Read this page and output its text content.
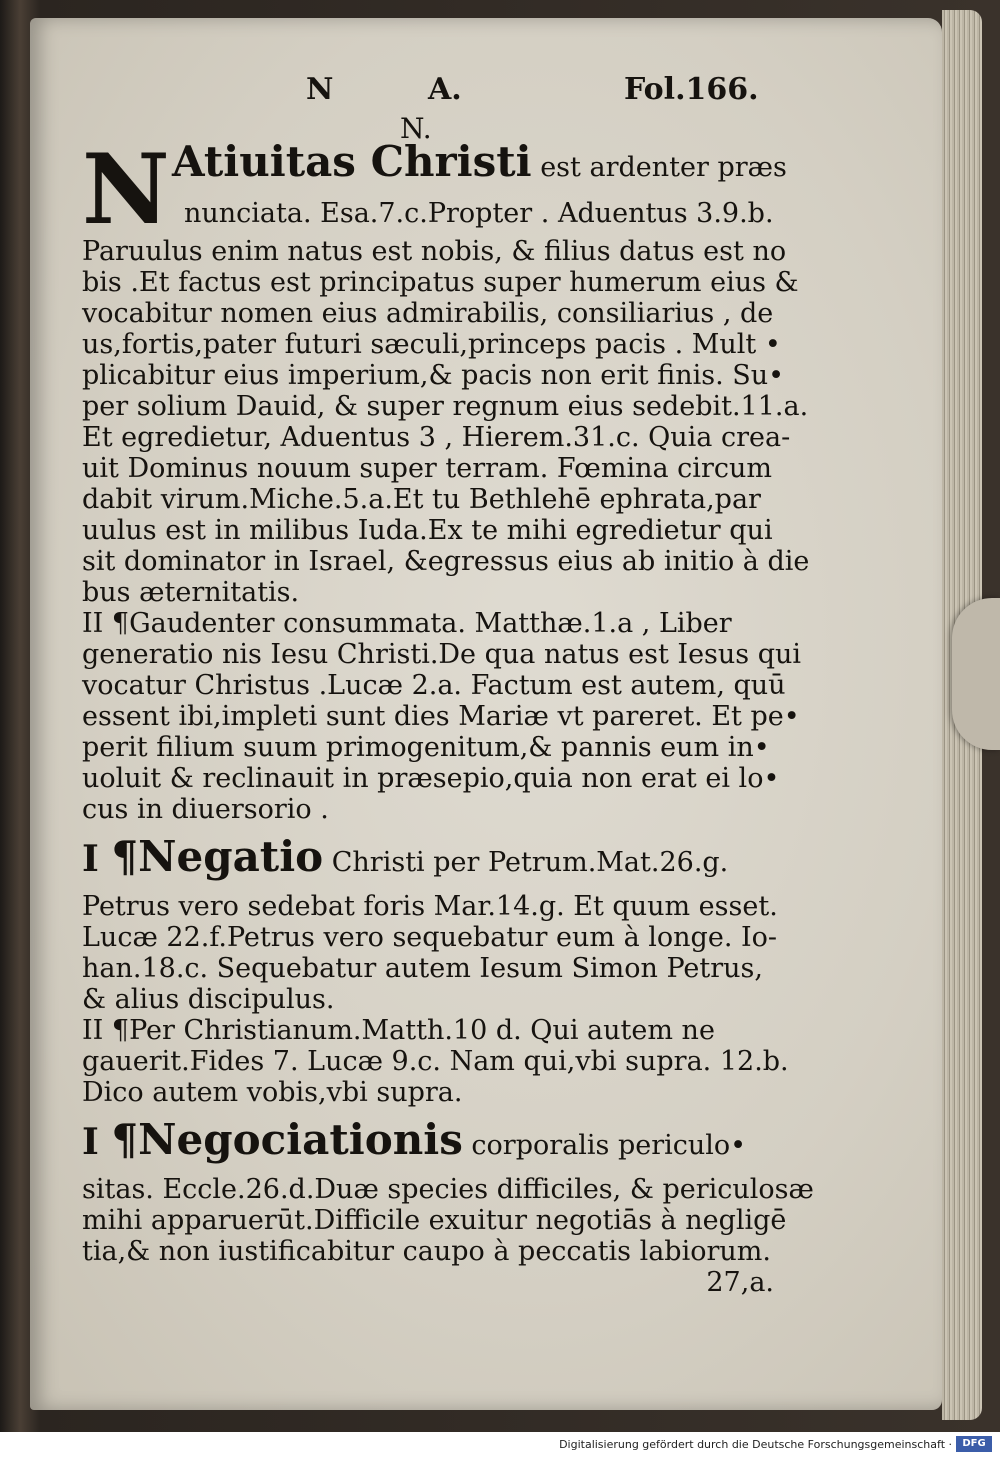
N	A.	Fol.166.
N.
N Atiuitas Christi est ardenter præs
nunciata. Esa.7.c.Propter . Aduentus 3.9.b.
Paruulus enim natus est nobis, & filius datus est no
bis .Et factus est principatus super humerum eius &
vocabitur nomen eius admirabilis, consiliarius , de
us,fortis,pater futuri sæculi,princeps pacis . Mult •
plicabitur eius imperium,& pacis non erit finis. Su•
per solium Dauid, & super regnum eius sedebit.11.a.
Et egredietur, Aduentus 3 , Hierem.31.c. Quia crea-
uit Dominus nouum super terram. Fœmina circum
dabit virum.Miche.5.a.Et tu Bethlehē ephrata,par
uulus est in milibus Iuda.Ex te mihi egredietur qui
sit dominator in Israel, &egressus eius ab initio à die
bus æternitatis.
II ¶Gaudenter consummata. Matthæ.1.a , Liber
generatio nis Iesu Christi.De qua natus est Iesus qui
vocatur Christus .Lucæ 2.a. Factum est autem, quū
essent ibi,impleti sunt dies Mariæ vt pareret. Et pe•
perit filium suum primogenitum,& pannis eum in•
uoluit & reclinauit in præsepio,quia non erat ei lo•
cus in diuersorio .
I ¶Negatio Christi per Petrum.Mat.26.g.
Petrus vero sedebat foris Mar.14.g. Et quum esset.
Lucæ 22.f.Petrus vero sequebatur eum à longe. Io-
han.18.c. Sequebatur autem Iesum Simon Petrus,
& alius discipulus.
II ¶Per Christianum.Matth.10 d. Qui autem ne
gauerit.Fides 7. Lucæ 9.c. Nam qui,vbi supra. 12.b.
Dico autem vobis,vbi supra.
I ¶Negociationis corporalis periculo•
sitas. Eccle.26.d.Duæ species difficiles, & periculosæ
mihi apparuerūt.Difficile exuitur negotiās à negligē
tia,& non iustificabitur caupo à peccatis labiorum.
27,a.
Digitalisierung gefördert durch die Deutsche Forschungsgemeinschaft ·	DFG
